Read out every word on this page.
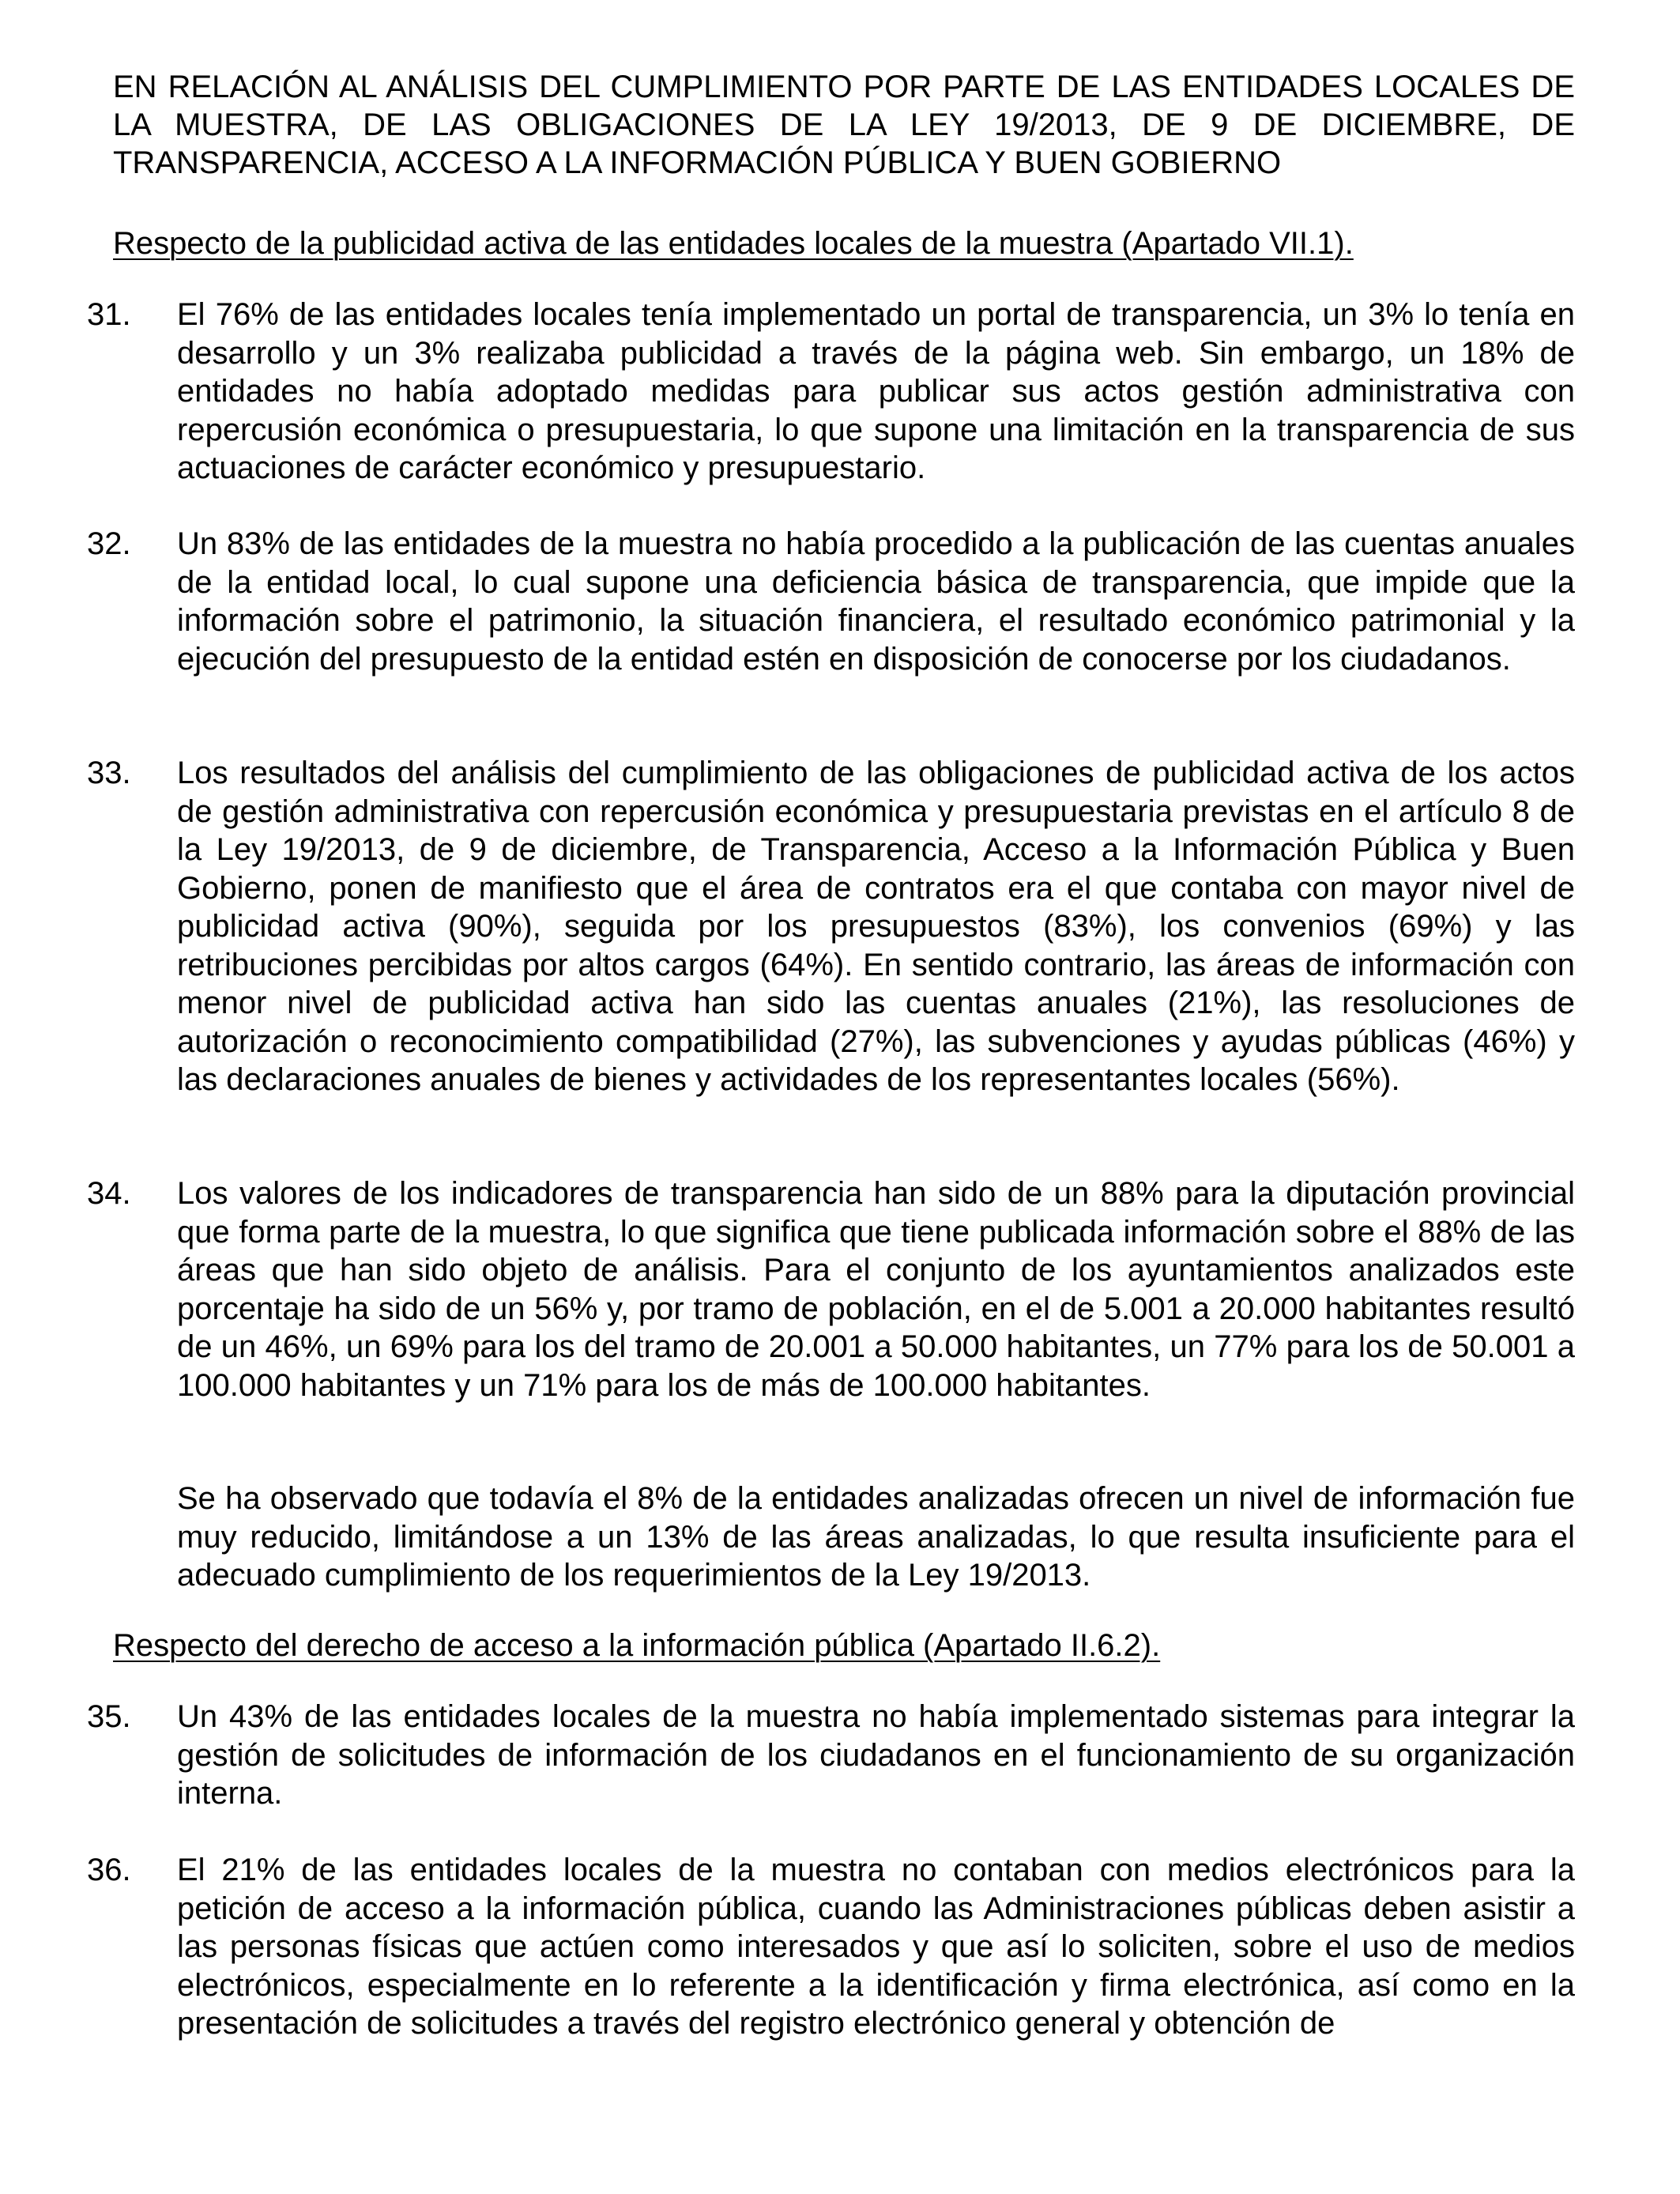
EN RELACIÓN AL ANÁLISIS DEL CUMPLIMIENTO POR PARTE DE LAS ENTIDADES LOCALES DE LA MUESTRA, DE LAS OBLIGACIONES DE LA LEY 19/2013, DE 9 DE DICIEMBRE, DE TRANSPARENCIA, ACCESO A LA INFORMACIÓN PÚBLICA Y BUEN GOBIERNO

Respecto de la publicidad activa de las entidades locales de la muestra (Apartado VII.1).

31. El 76% de las entidades locales tenía implementado un portal de transparencia, un 3% lo tenía en desarrollo y un 3% realizaba publicidad a través de la página web. Sin embargo, un 18% de entidades no había adoptado medidas para publicar sus actos gestión administrativa con repercusión económica o presupuestaria, lo que supone una limitación en la transparencia de sus actuaciones de carácter económico y presupuestario.

32. Un 83% de las entidades de la muestra no había procedido a la publicación de las cuentas anuales de la entidad local, lo cual supone una deficiencia básica de transparencia, que impide que la información sobre el patrimonio, la situación financiera, el resultado económico patrimonial y la ejecución del presupuesto de la entidad estén en disposición de conocerse por los ciudadanos.

33. Los resultados del análisis del cumplimiento de las obligaciones de publicidad activa de los actos de gestión administrativa con repercusión económica y presupuestaria previstas en el artículo 8 de la Ley 19/2013, de 9 de diciembre, de Transparencia, Acceso a la Información Pública y Buen Gobierno, ponen de manifiesto que el área de contratos era el que contaba con mayor nivel de publicidad activa (90%), seguida por los presupuestos (83%), los convenios (69%) y las retribuciones percibidas por altos cargos (64%). En sentido contrario, las áreas de información con menor nivel de publicidad activa han sido las cuentas anuales (21%), las resoluciones de autorización o reconocimiento compatibilidad (27%), las subvenciones y ayudas públicas (46%) y las declaraciones anuales de bienes y actividades de los representantes locales (56%).

34. Los valores de los indicadores de transparencia han sido de un 88% para la diputación provincial que forma parte de la muestra, lo que significa que tiene publicada información sobre el 88% de las áreas que han sido objeto de análisis. Para el conjunto de los ayuntamientos analizados este porcentaje ha sido de un 56% y, por tramo de población, en el de 5.001 a 20.000 habitantes resultó de un 46%, un 69% para los del tramo de 20.001 a 50.000 habitantes, un 77% para los de 50.001 a 100.000 habitantes y un 71% para los de más de 100.000 habitantes.

Se ha observado que todavía el 8% de la entidades analizadas ofrecen un nivel de información fue muy reducido, limitándose a un 13% de las áreas analizadas, lo que resulta insuficiente para el adecuado cumplimiento de los requerimientos de la Ley 19/2013.

Respecto del derecho de acceso a la información pública (Apartado II.6.2).

35. Un 43% de las entidades locales de la muestra no había implementado sistemas para integrar la gestión de solicitudes de información de los ciudadanos en el funcionamiento de su organización interna.

36. El 21% de las entidades locales de la muestra no contaban con medios electrónicos para la petición de acceso a la información pública, cuando las Administraciones públicas deben asistir a las personas físicas que actúen como interesados y que así lo soliciten, sobre el uso de medios electrónicos, especialmente en lo referente a la identificación y firma electrónica, así como en la presentación de solicitudes a través del registro electrónico general y obtención de
